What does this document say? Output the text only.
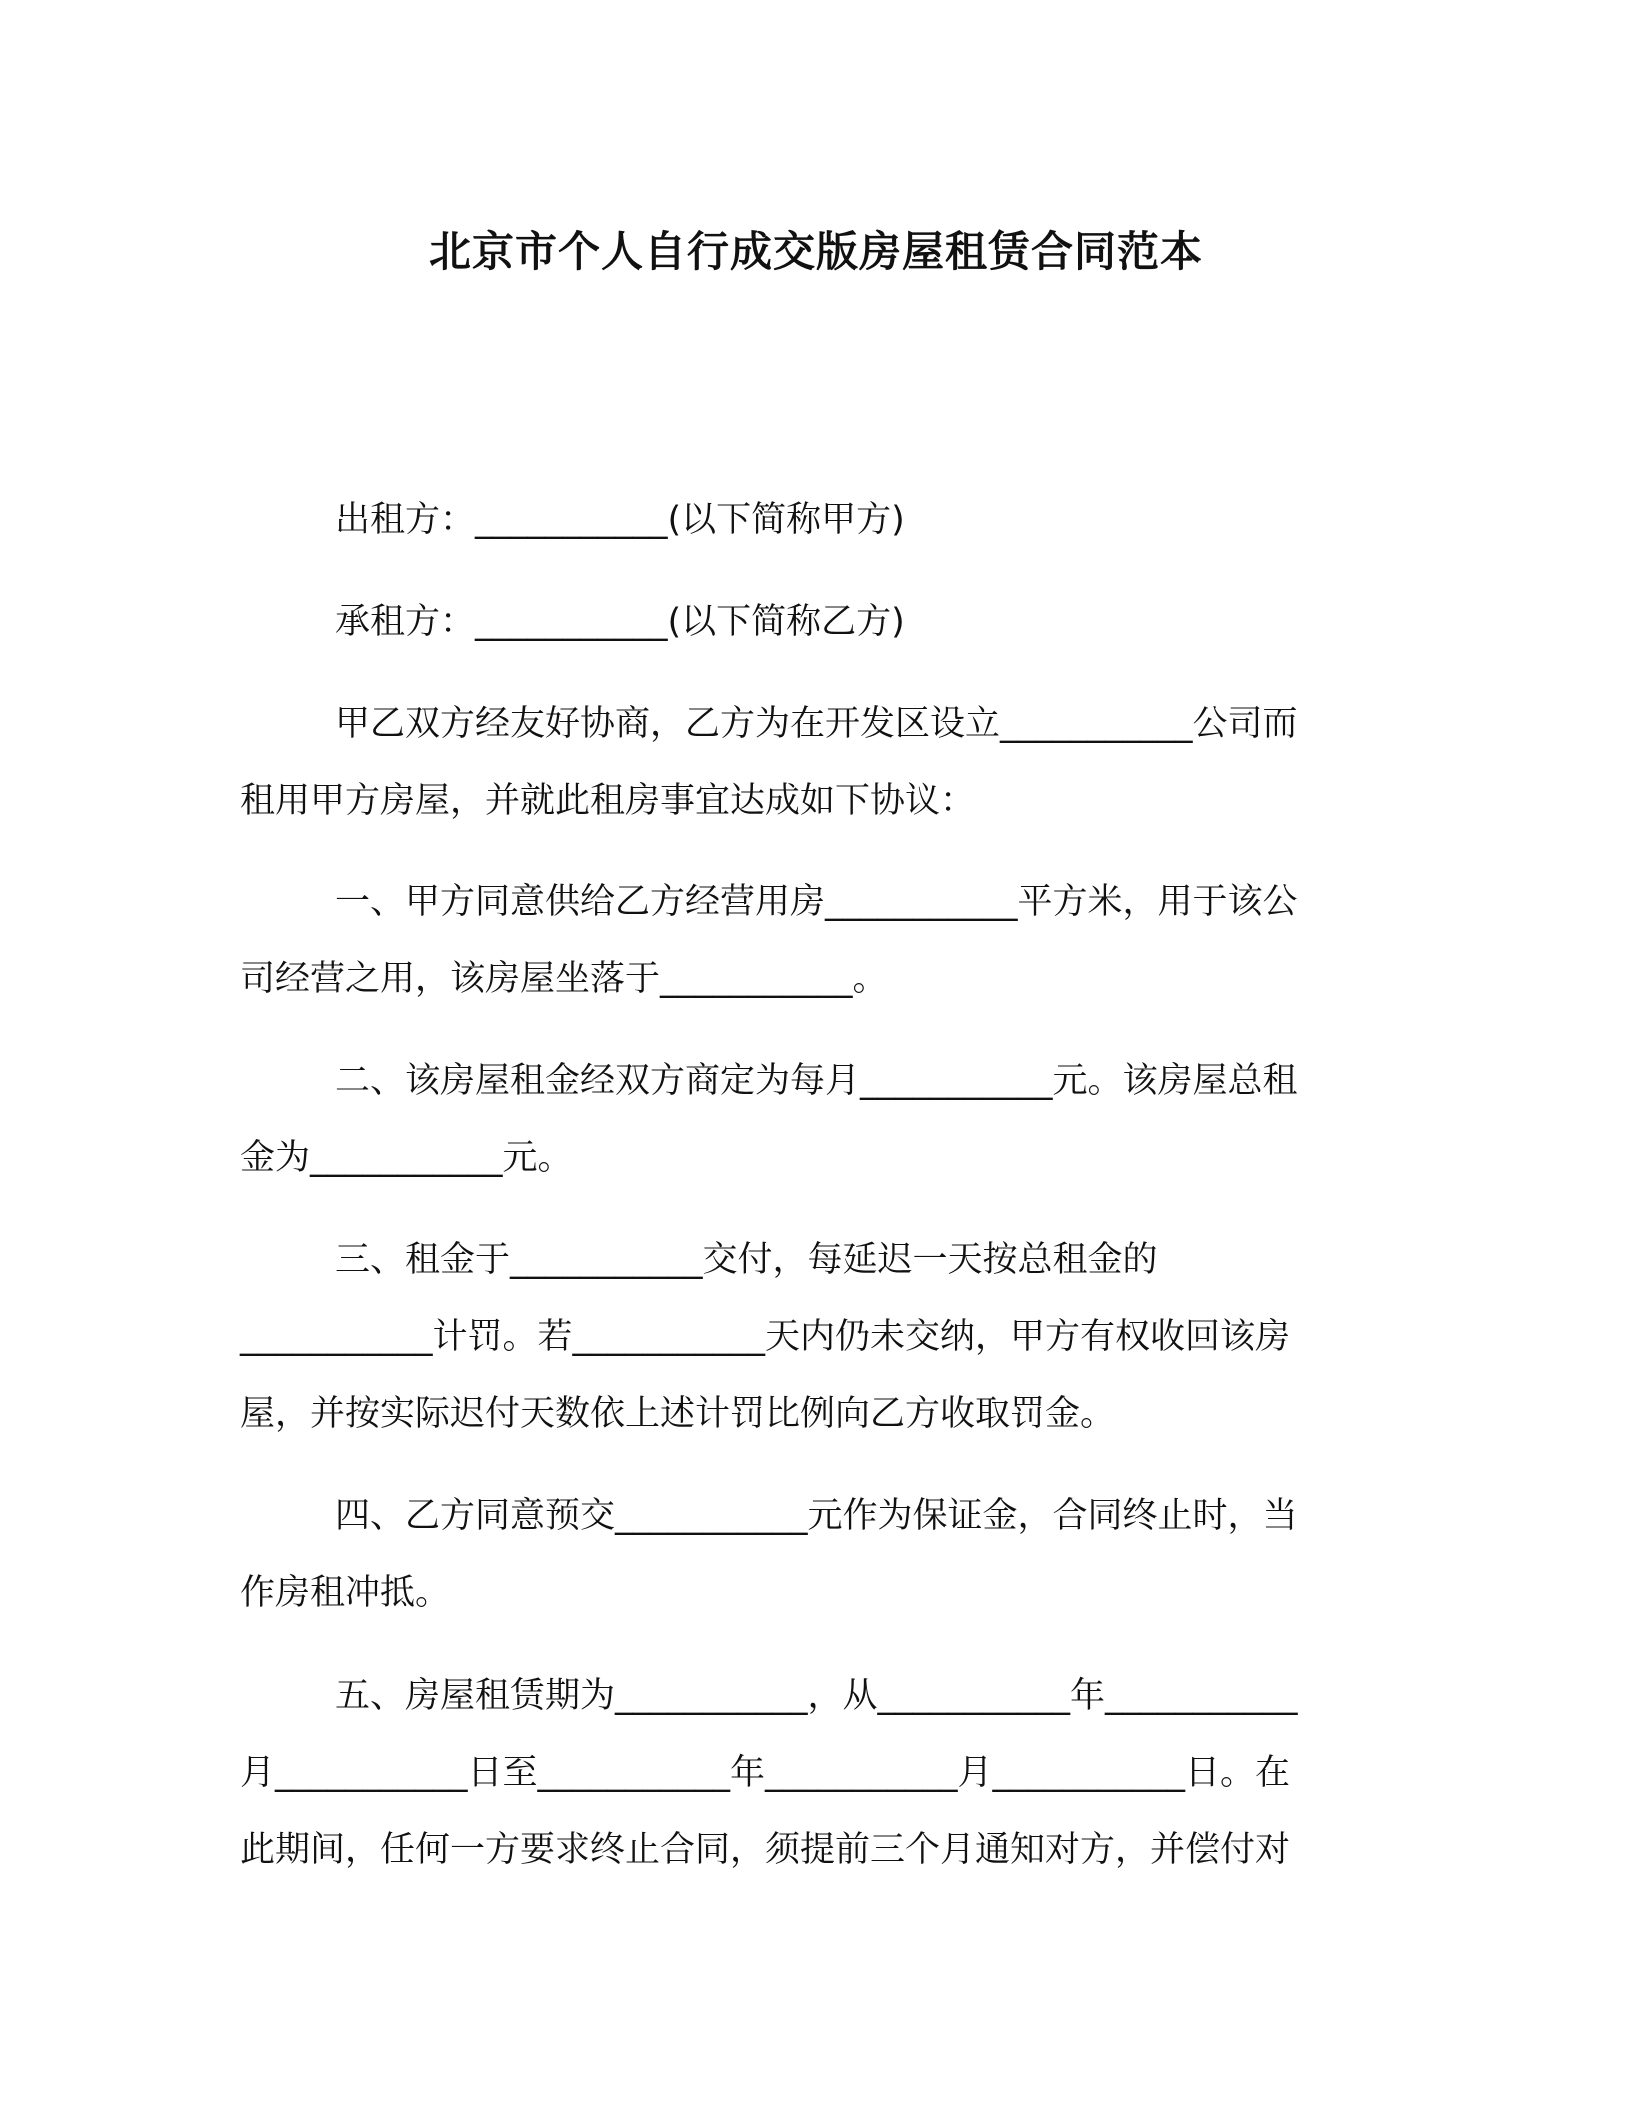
北京市个人自行成交版房屋租赁合同范本

出租方：___________(以下简称甲方)

承租方：___________(以下简称乙方)

甲乙双方经友好协商，乙方为在开发区设立___________公司而
租用甲方房屋，并就此租房事宜达成如下协议：

一、甲方同意供给乙方经营用房___________平方米，用于该公
司经营之用，该房屋坐落于___________。

二、该房屋租金经双方商定为每月___________元。该房屋总租
金为___________元。

三、租金于___________交付，每延迟一天按总租金的
___________计罚。若___________天内仍未交纳，甲方有权收回该房
屋，并按实际迟付天数依上述计罚比例向乙方收取罚金。

四、乙方同意预交___________元作为保证金，合同终止时，当
作房租冲抵。

五、房屋租赁期为___________，从___________年___________
月___________日至___________年___________月___________日。在
此期间，任何一方要求终止合同，须提前三个月通知对方，并偿付对
